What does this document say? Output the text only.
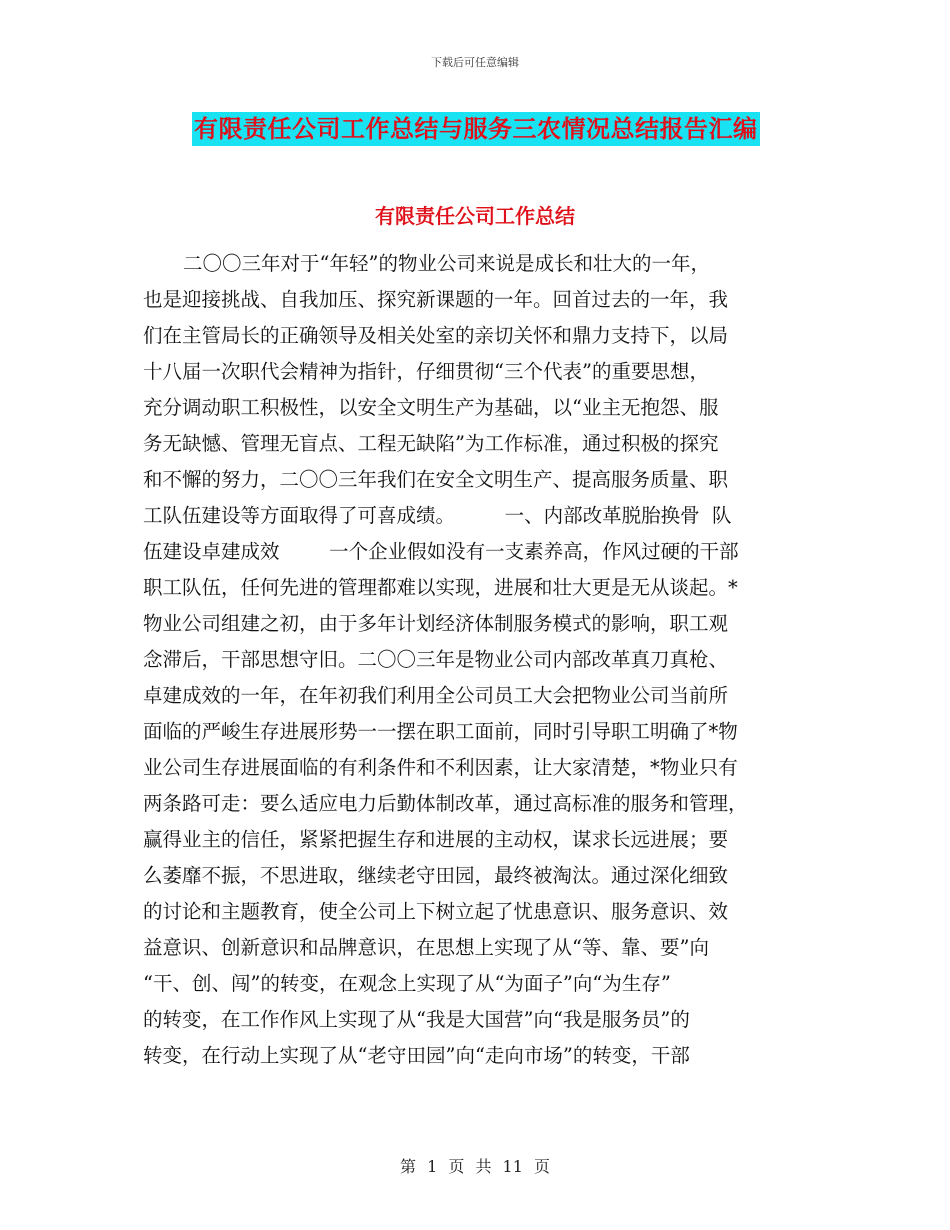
下载后可任意编辑
有限责任公司工作总结与服务三农情况总结报告汇编
有限责任公司工作总结
二〇〇三年对于“年轻”的物业公司来说是成长和壮大的一年，
也是迎接挑战、自我加压、探究新课题的一年。回首过去的一年，我
们在主管局长的正确领导及相关处室的亲切关怀和鼎力支持下，以局
十八届一次职代会精神为指针，仔细贯彻“三个代表”的重要思想，
充分调动职工积极性，以安全文明生产为基础，以“业主无抱怨、服
务无缺憾、管理无盲点、工程无缺陷”为工作标准，通过积极的探究
和不懈的努力，二〇〇三年我们在安全文明生产、提高服务质量、职
工队伍建设等方面取得了可喜成绩。        一、内部改革脱胎换骨  队
伍建设卓建成效        一个企业假如没有一支素养高，作风过硬的干部
职工队伍，任何先进的管理都难以实现，进展和壮大更是无从谈起。*
物业公司组建之初，由于多年计划经济体制服务模式的影响，职工观
念滞后，干部思想守旧。二〇〇三年是物业公司内部改革真刀真枪、
卓建成效的一年，在年初我们利用全公司员工大会把物业公司当前所
面临的严峻生存进展形势一一摆在职工面前，同时引导职工明确了*物
业公司生存进展面临的有利条件和不利因素，让大家清楚，*物业只有
两条路可走：要么适应电力后勤体制改革，通过高标准的服务和管理，
赢得业主的信任，紧紧把握生存和进展的主动权，谋求长远进展；要
么萎靡不振，不思进取，继续老守田园，最终被淘汰。通过深化细致
的讨论和主题教育，使全公司上下树立起了忧患意识、服务意识、效
益意识、创新意识和品牌意识，在思想上实现了从“等、靠、要”向
“干、创、闯”的转变，在观念上实现了从“为面子”向“为生存”
的转变，在工作作风上实现了从“我是大国营”向“我是服务员”的
转变，在行动上实现了从“老守田园”向“走向市场”的转变，干部
第 1 页 共 11 页
